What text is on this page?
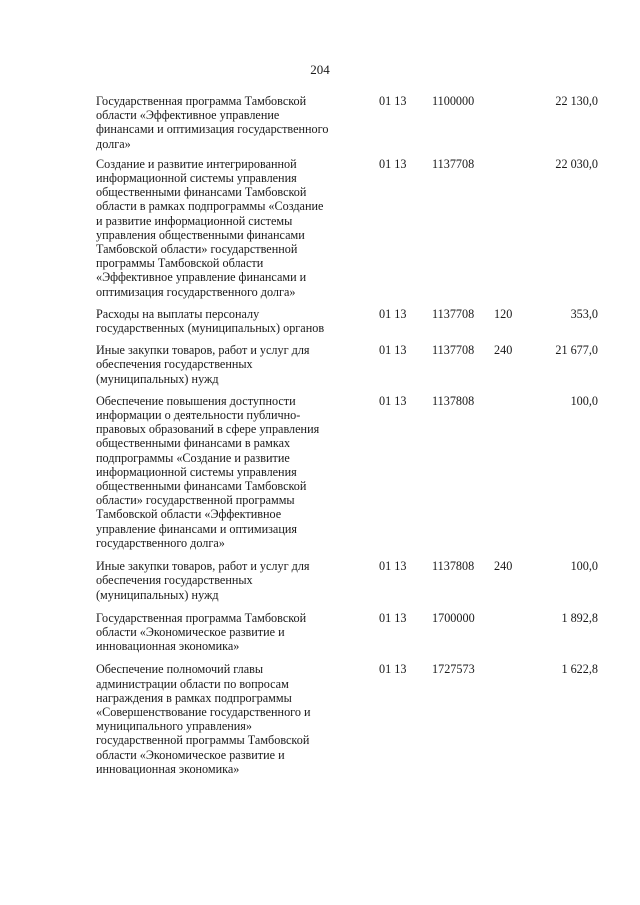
204
Государственная программа Тамбовской
области «Эффективное управление
финансами и оптимизация государственного
долга»
01 13 1100000	22 130,0
Создание и развитие интегрированной
информационной системы управления
общественными финансами Тамбовской
области в рамках подпрограммы «Создание
и развитие информационной системы
управления общественными финансами
Тамбовской области» государственной
программы Тамбовской области
«Эффективное управление финансами и
оптимизация государственного долга»
01 13 1137708	22 030,0
Расходы на выплаты персоналу
государственных (муниципальных) органов
01 13 1137708 120	353,0
Иные закупки товаров, работ и услуг для
обеспечения государственных
(муниципальных) нужд
01 13 1137708 240	21 677,0
Обеспечение повышения доступности
информации о деятельности публично-
правовых образований в сфере управления
общественными финансами в рамках
подпрограммы «Создание и развитие
информационной системы управления
общественными финансами Тамбовской
области» государственной программы
Тамбовской области «Эффективное
управление финансами и оптимизация
государственного долга»
01 13 1137808	100,0
Иные закупки товаров, работ и услуг для
обеспечения государственных
(муниципальных) нужд
01 13 1137808 240	100,0
Государственная программа Тамбовской
области «Экономическое развитие и
инновационная экономика»
01 13 1700000	1 892,8
Обеспечение полномочий главы
администрации области по вопросам
награждения в рамках подпрограммы
«Совершенствование государственного и
муниципального управления»
государственной программы Тамбовской
области «Экономическое развитие и
инновационная экономика»
01 13 1727573	1 622,8
